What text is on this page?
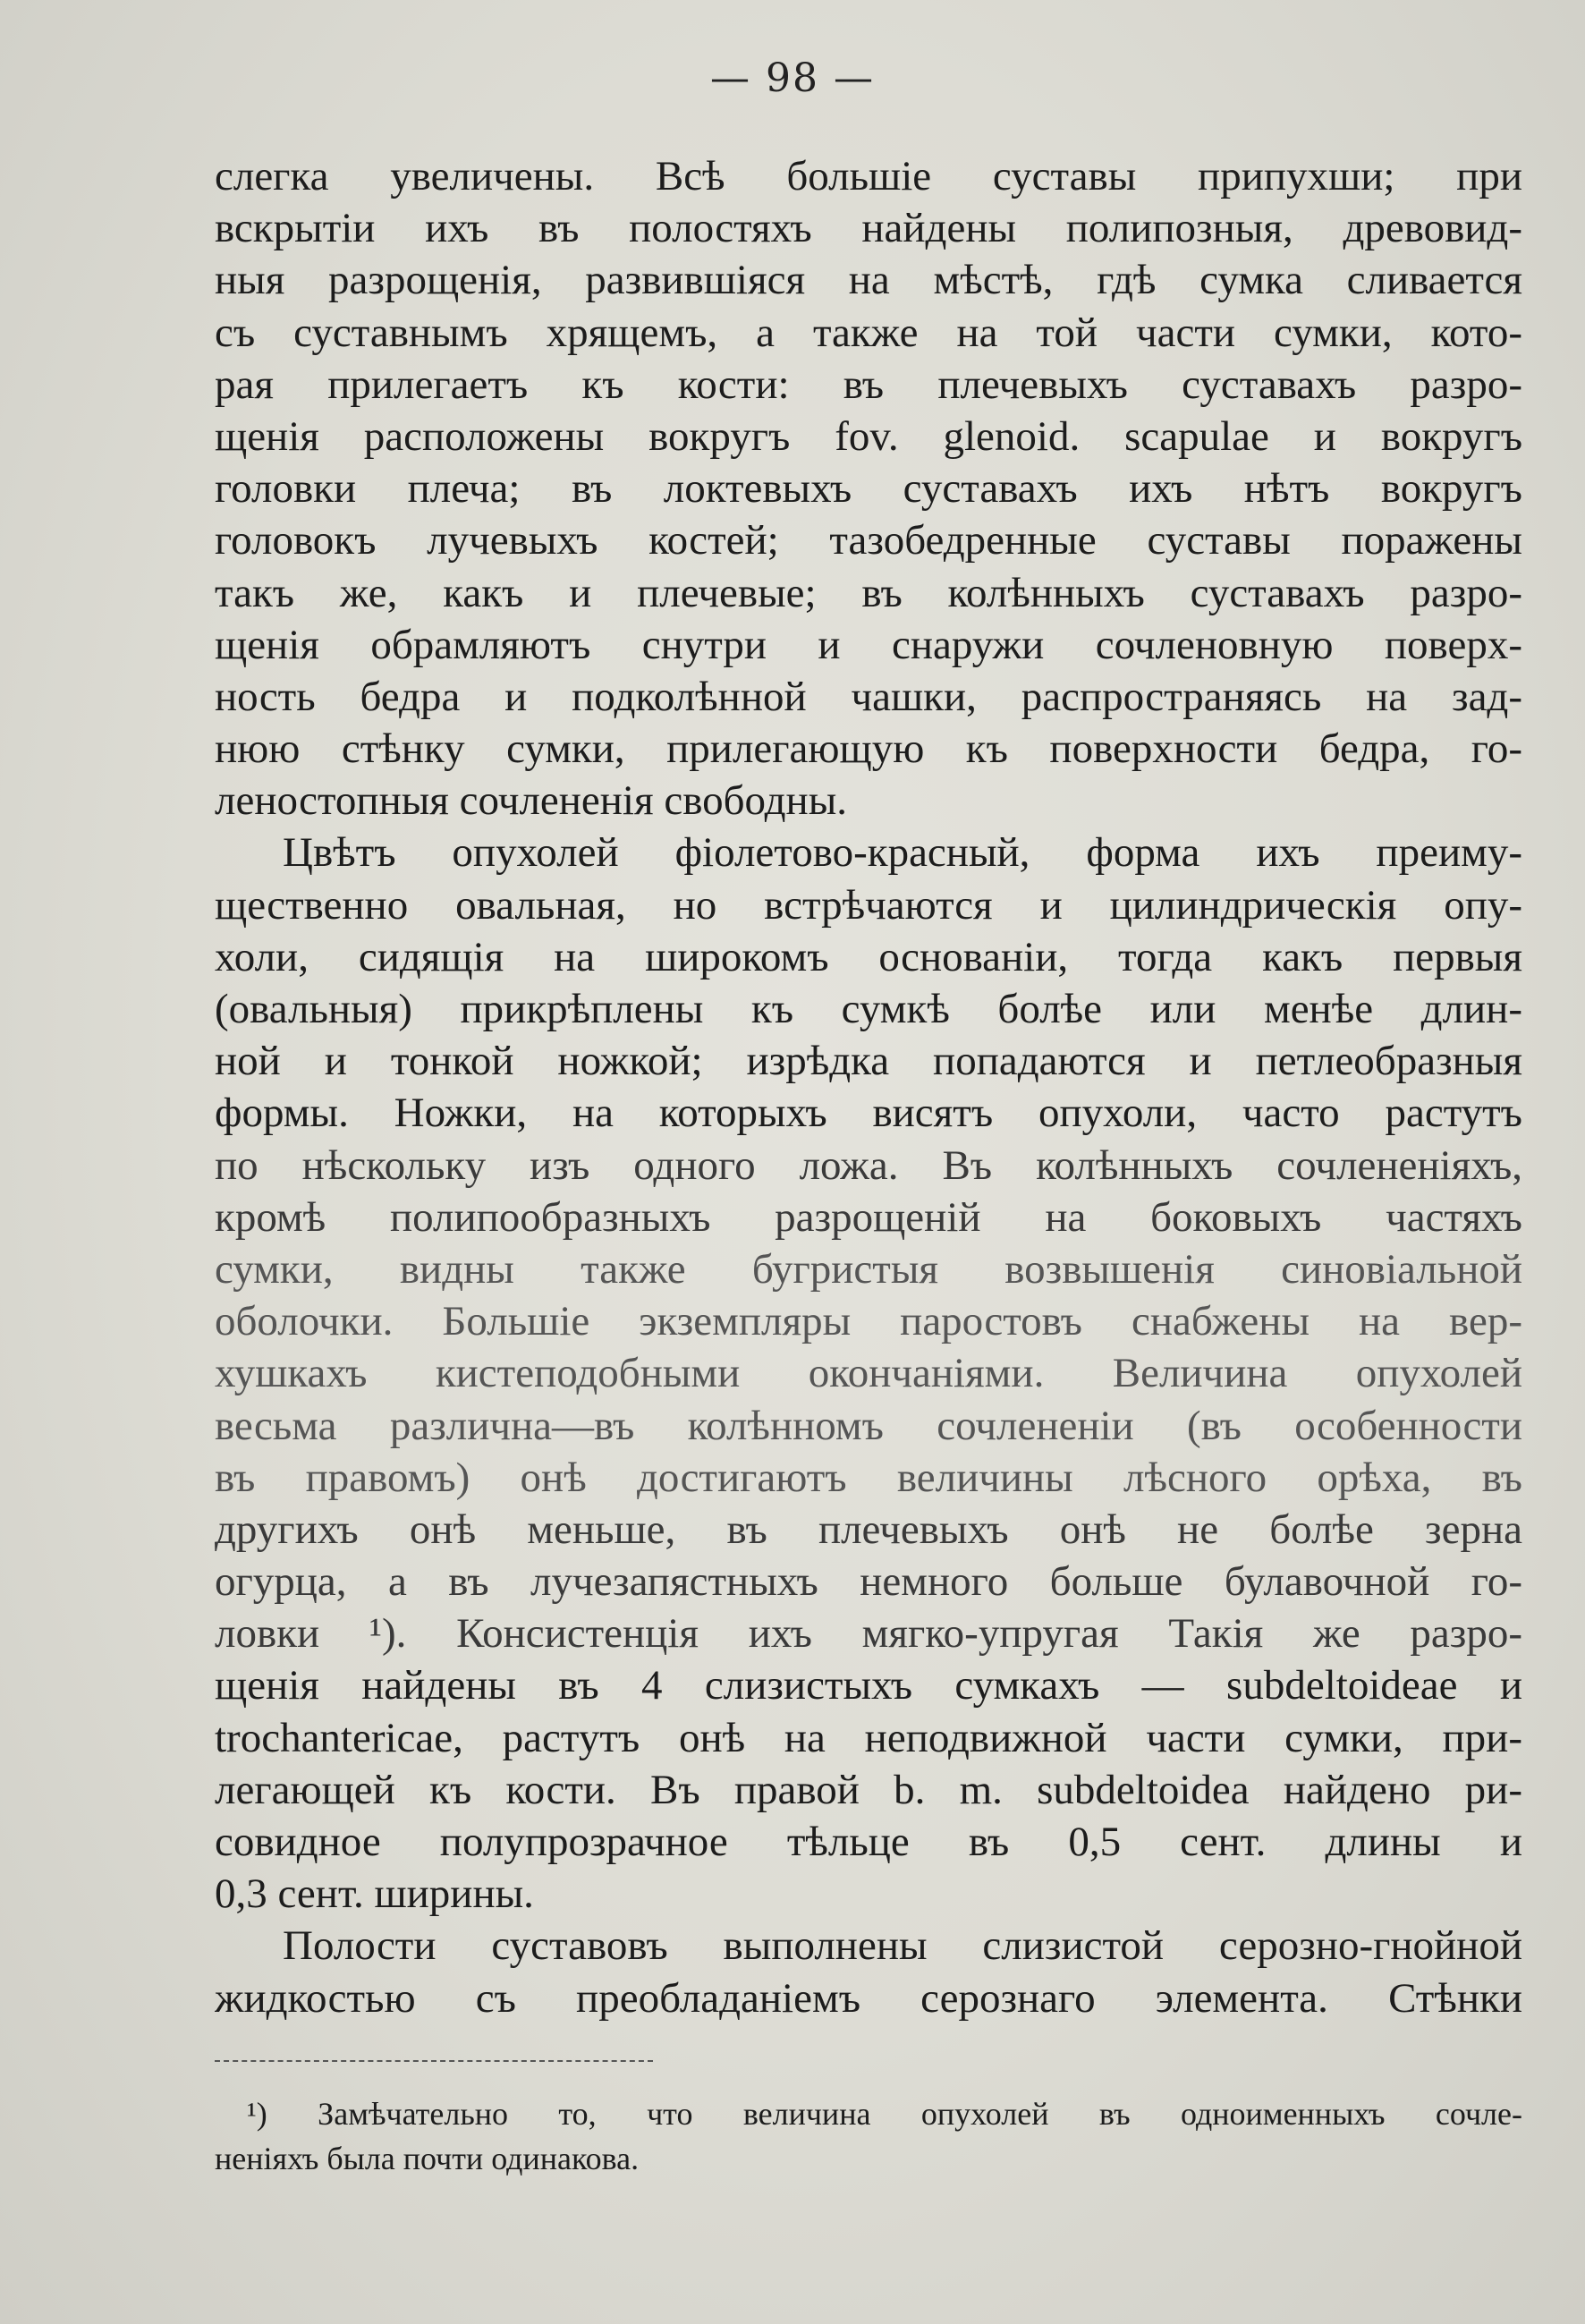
— 98 —
слегка увеличены. Всѣ большіе суставы припухши; при
вскрытіи ихъ въ полостяхъ найдены полипозныя, древовид-
ныя разрощенія, развившіяся на мѣстѣ, гдѣ сумка сливается
съ суставнымъ хрящемъ, а также на той части сумки, кото-
рая прилегаетъ къ кости: въ плечевыхъ суставахъ разро-
щенія расположены вокругъ fov. glenoid. scapulae и вокругъ
головки плеча; въ локтевыхъ суставахъ ихъ нѣтъ вокругъ
головокъ лучевыхъ костей; тазобедренные суставы поражены
такъ же, какъ и плечевые; въ колѣнныхъ суставахъ разро-
щенія обрамляютъ снутри и снаружи сочленовную поверх-
ность бедра и подколѣнной чашки, распространяясь на зад-
нюю стѣнку сумки, прилегающую къ поверхности бедра, го-
леностопныя сочлененія свободны.
Цвѣтъ опухолей фіолетово-красный, форма ихъ преиму-
щественно овальная, но встрѣчаются и цилиндрическія опу-
холи, сидящія на широкомъ основаніи, тогда какъ первыя
(овальныя) прикрѣплены къ сумкѣ болѣе или менѣе длин-
ной и тонкой ножкой; изрѣдка попадаются и петлеобразныя
формы. Ножки, на которыхъ висятъ опухоли, часто растутъ
по нѣскольку изъ одного ложа. Въ колѣнныхъ сочлененіяхъ,
кромѣ полипообразныхъ разрощеній на боковыхъ частяхъ
сумки, видны также бугристыя возвышенія синовіальной
оболочки. Большіе экземпляры паростовъ снабжены на вер-
хушкахъ кистеподобными окончаніями. Величина опухолей
весьма различна—въ колѣнномъ сочлененіи (въ особенности
въ правомъ) онѣ достигаютъ величины лѣсного орѣха, въ
другихъ онѣ меньше, въ плечевыхъ онѣ не болѣе зерна
огурца, а въ лучезапястныхъ немного больше булавочной го-
ловки ¹). Консистенція ихъ мягко-упругая Такія же разро-
щенія найдены въ 4 слизистыхъ сумкахъ — subdeltoideae и
trochantericae, растутъ онѣ на неподвижной части сумки, при-
легающей къ кости. Въ правой b. m. subdeltoidea найдено ри-
совидное полупрозрачное тѣльце въ 0,5 сент. длины и
0,3 сент. ширины.
Полости суставовъ выполнены слизистой серозно-гнойной
жидкостью съ преобладаніемъ серознаго элемента. Стѣнки
¹) Замѣчательно то, что величина опухолей въ одноименныхъ сочле-
неніяхъ была почти одинакова.
